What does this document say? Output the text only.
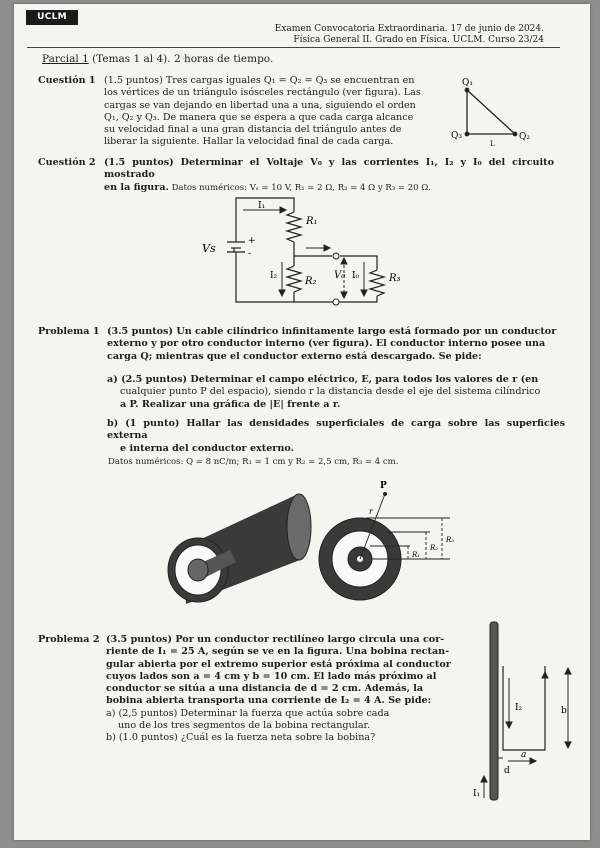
UCLM
Examen Convocatoria Extraordinaria. 17 de junio de 2024.
Física General II. Grado en Física. UCLM. Curso 23/24
Parcial 1 (Temas 1 al 4). 2 horas de tiempo.
Cuestión 1 (1.5 puntos) Tres cargas iguales Q₁ = Q₂ = Q₃ se encuentran en
los vértices de un triángulo isósceles rectángulo (ver figura). Las
cargas se van dejando en libertad una a una, siguiendo el orden
Q₁, Q₂ y Q₃. De manera que se espera a que cada carga alcance
su velocidad final a una gran distancia del triángulo antes de
liberar la siguiente. Hallar la velocidad final de cada carga.
Q₁
Q₃	Q₂
L
Cuestión 2 (1.5 puntos) Determinar el Voltaje V₀ y las corrientes I₁, I₂ y I₀ del circuito mostrado
en la figura. Datos numéricos: Vₛ = 10 V, R₁ = 2 Ω, R₂ = 4 Ω y R₃ = 20 Ω.
Vs
+
-
I₁
R₁
I₂	R₂
V₀ I₀	R₃
Problema 1 (3.5 puntos) Un cable cilíndrico infinitamente largo está formado por un conductor
externo y por otro conductor interno (ver figura). El conductor interno posee una
carga Q; mientras que el conductor externo está descargado. Se pide:
a) (2.5 puntos) Determinar el campo eléctrico, E, para todos los valores de r (en
cualquier punto P del espacio), siendo r la distancia desde el eje del sistema cilíndrico
a P. Realizar una gráfica de |E| frente a r.
b) (1 punto) Hallar las densidades superficiales de carga sobre las superficies externa
e interna del conductor externo.
Datos numéricos: Q = 8 nC/m; R₁ = 1 cm y R₂ = 2,5 cm, R₃ = 4 cm.
P
r
R₁
R₂
R₃
Problema 2 (3.5 puntos) Por un conductor rectilíneo largo circula una cor-
riente de I₁ = 25 A, según se ve en la figura. Una bobina rectan-
gular abierta por el extremo superior está próxima al conductor
cuyos lados son a = 4 cm y b = 10 cm. El lado más próximo al
conductor se sitúa a una distancia de d = 2 cm. Además, la
bobina abierta transporta una corriente de I₂ = 4 A. Se pide:
a) (2,5 puntos) Determinar la fuerza que actúa sobre cada
uno de los tres segmentos de la bobina rectangular.
b) (1.0 puntos) ¿Cuál es la fuerza neta sobre la bobina?
I₂
a
b
d
I₁
